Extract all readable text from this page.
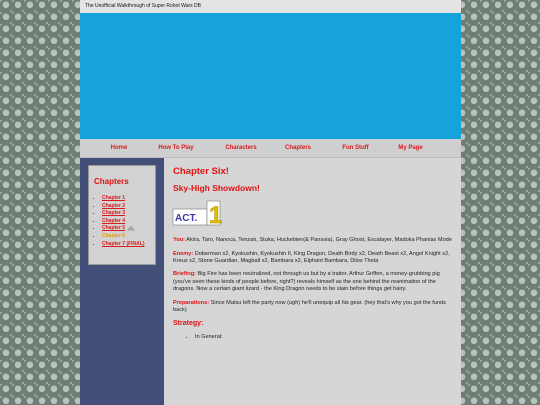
The Unofficial Walkthrough of Super Robot Wars DB
Home	How To Play	Characters	Chapters	Fun Stuff	My Page
Chapters
• Chapter 1
• Chapter 2
• Chapter 3
• Chapter 4
• Chapter 5
• Chapter 6
• Chapter 7 (FINAL)
Chapter Six!
Sky-High Showdown!
ACT. 1

You: Akira, Taro, Nanoca, Tenzan, Stuka, Huckebien(& Panavia), Gray Ghost, Escalayer, Madoka Phaniax Mode

Enemy: Doberman x2, Kyokushin, Kyokushin II, King Dragon, Death Birdy x2, Death Beast x2, Angel Knight x2, Kreuz x2, Stone Guardian, Magball x2, Bambara x2, Elphant Bambara, Dilos Theta

Briefing: Big Fire has been neutralized, not through us but by a traitor. Arthur Griffen, a money-grubbing pig (you've seen these kinds of people before, right?) reveals himself as the one behind the reanimation of the dragons. Now a certain giant lizard - the King Dragon needs to be slain before things get hairy.

Preparations: Since Matsu left the party now (ugh) he'll unequip all his gear. (hey that's why you got the funds back)

Strategy:
• In General:
